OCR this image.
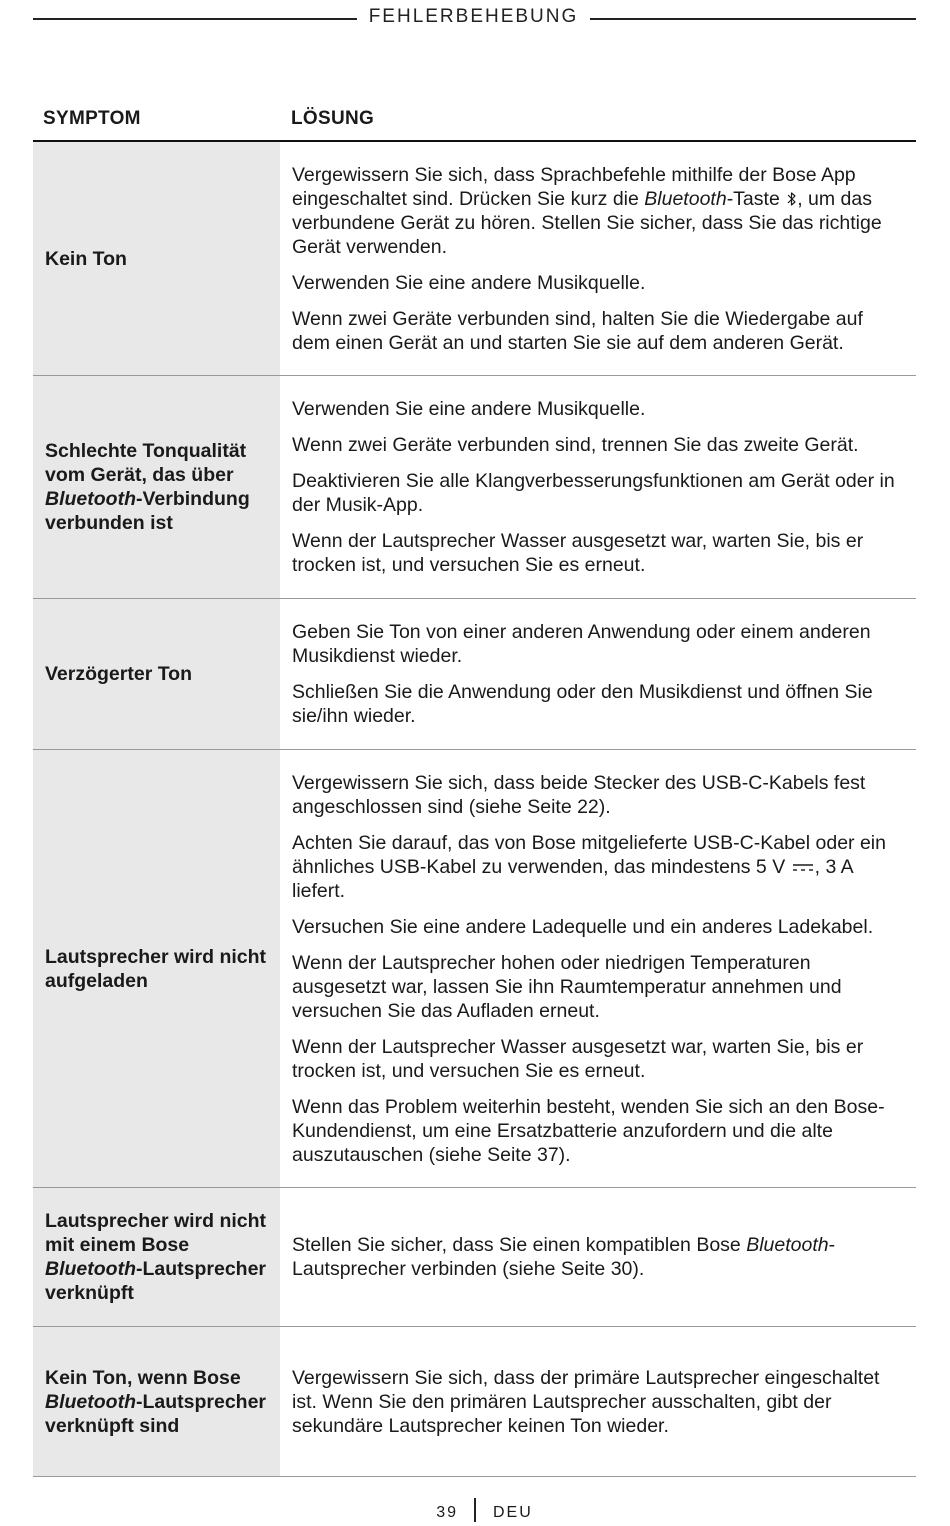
FEHLERBEHEBUNG
SYMPTOM	LÖSUNG
Kein Ton

Vergewissern Sie sich, dass Sprachbefehle mithilfe der Bose App eingeschaltet sind. Drücken Sie kurz die Bluetooth-Taste , um das verbundene Gerät zu hören. Stellen Sie sicher, dass Sie das richtige Gerät verwenden.

Verwenden Sie eine andere Musikquelle.

Wenn zwei Geräte verbunden sind, halten Sie die Wiedergabe auf dem einen Gerät an und starten Sie sie auf dem anderen Gerät.

Schlechte Tonqualität vom Gerät, das über Bluetooth-Verbindung verbunden ist

Verwenden Sie eine andere Musikquelle.

Wenn zwei Geräte verbunden sind, trennen Sie das zweite Gerät.

Deaktivieren Sie alle Klangverbesserungsfunktionen am Gerät oder in der Musik-App.

Wenn der Lautsprecher Wasser ausgesetzt war, warten Sie, bis er trocken ist, und versuchen Sie es erneut.

Verzögerter Ton

Geben Sie Ton von einer anderen Anwendung oder einem anderen Musikdienst wieder.

Schließen Sie die Anwendung oder den Musikdienst und öffnen Sie sie/ihn wieder.

Lautsprecher wird nicht aufgeladen

Vergewissern Sie sich, dass beide Stecker des USB-C-Kabels fest angeschlossen sind (siehe Seite 22).

Achten Sie darauf, das von Bose mitgelieferte USB-C-Kabel oder ein ähnliches USB-Kabel zu verwenden, das mindestens 5 V , 3 A liefert.

Versuchen Sie eine andere Ladequelle und ein anderes Ladekabel.

Wenn der Lautsprecher hohen oder niedrigen Temperaturen ausgesetzt war, lassen Sie ihn Raumtemperatur annehmen und versuchen Sie das Aufladen erneut.

Wenn der Lautsprecher Wasser ausgesetzt war, warten Sie, bis er trocken ist, und versuchen Sie es erneut.

Wenn das Problem weiterhin besteht, wenden Sie sich an den Bose-Kundendienst, um eine Ersatzbatterie anzufordern und die alte auszutauschen (siehe Seite 37).

Lautsprecher wird nicht mit einem Bose Bluetooth-Lautsprecher verknüpft

Stellen Sie sicher, dass Sie einen kompatiblen Bose Bluetooth-Lautsprecher verbinden (siehe Seite 30).

Kein Ton, wenn Bose Bluetooth-Lautsprecher verknüpft sind

Vergewissern Sie sich, dass der primäre Lautsprecher eingeschaltet ist. Wenn Sie den primären Lautsprecher ausschalten, gibt der sekundäre Lautsprecher keinen Ton wieder.

39 DEU
